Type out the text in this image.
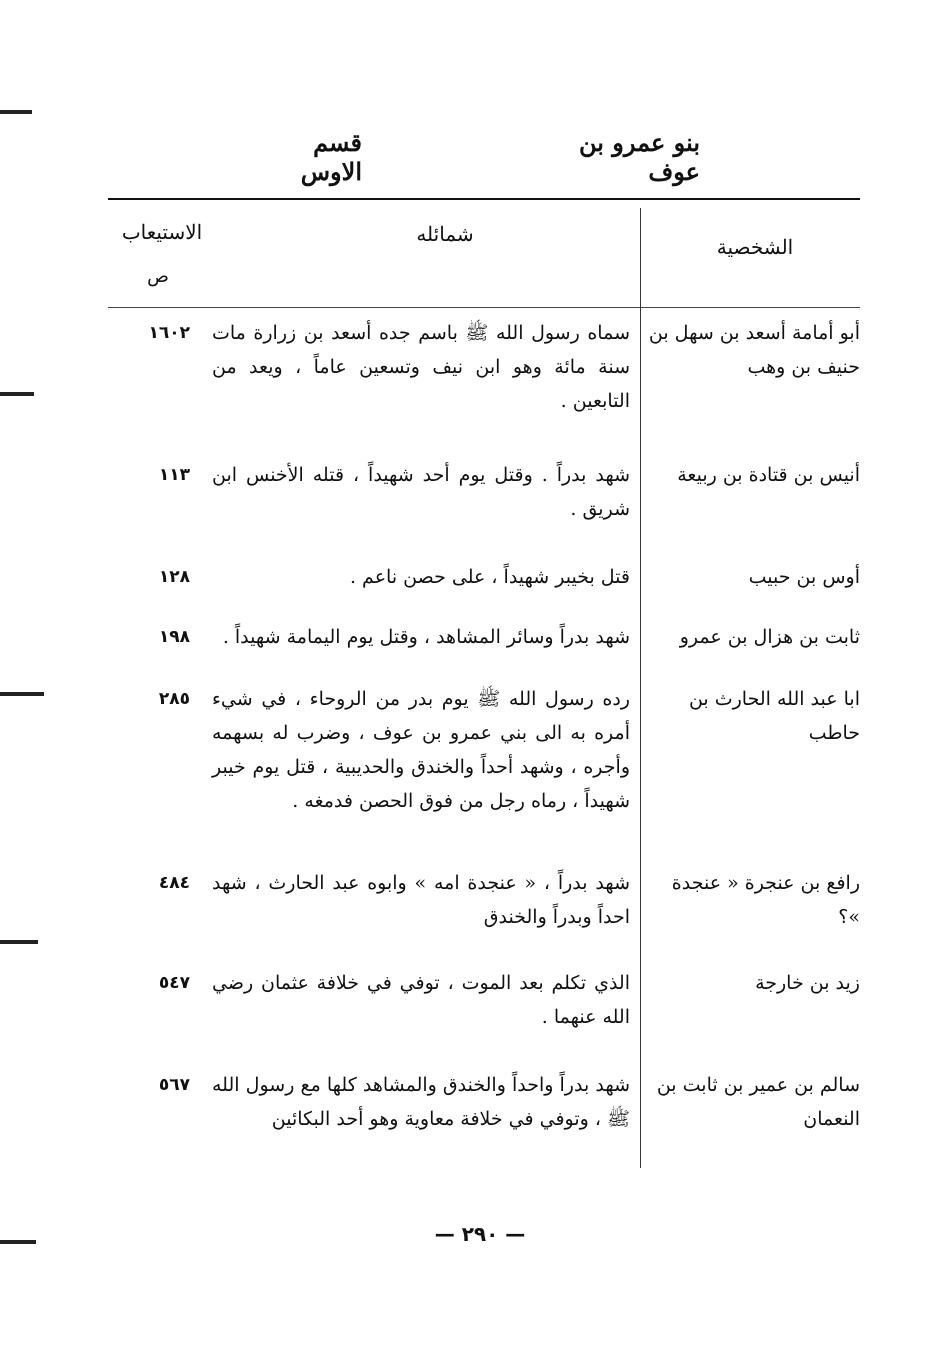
بنو عمرو بن عوف
قسم الاوس
الشخصية
شمائله
الاستيعاب
ص
أبو أمامة أسعد بن سهل بن حنيف بن وهب
سماه رسول الله ﷺ باسم جده أسعد بن زرارة مات سنة مائة وهو ابن نيف وتسعين عاماً ، ويعد من التابعين .
١٦٠٢
أنيس بن قتادة بن ربيعة
شهد بدراً . وقتل يوم أحد شهيداً ، قتله الأخنس ابن شريق .
١١٣
أوس بن حبيب
قتل بخيبر شهيداً ، على حصن ناعم .
١٢٨
ثابت بن هزال بن عمرو
شهد بدراً وسائر المشاهد ، وقتل يوم اليمامة شهيداً .
١٩٨
ابا عبد الله الحارث بن حاطب
رده رسول الله ﷺ يوم بدر من الروحاء ، في شيء أمره به الى بني عمرو بن عوف ، وضرب له بسهمه وأجره ، وشهد أحداً والخندق والحديبية ، قتل يوم خيبر شهيداً ، رماه رجل من فوق الحصن فدمغه .
٢٨٥
رافع بن عنجرة « عنجدة »؟
شهد بدراً ، « عنجدة امه » وابوه عبد الحارث ، شهد احداً وبدراً والخندق
٤٨٤
زيد بن خارجة
الذي تكلم بعد الموت ، توفي في خلافة عثمان رضي الله عنهما .
٥٤٧
سالم بن عمير بن ثابت بن النعمان
شهد بدراً واحداً والخندق والمشاهد كلها مع رسول الله ﷺ ، وتوفي في خلافة معاوية وهو أحد البكائين
٥٦٧
— ٢٩٠ —
